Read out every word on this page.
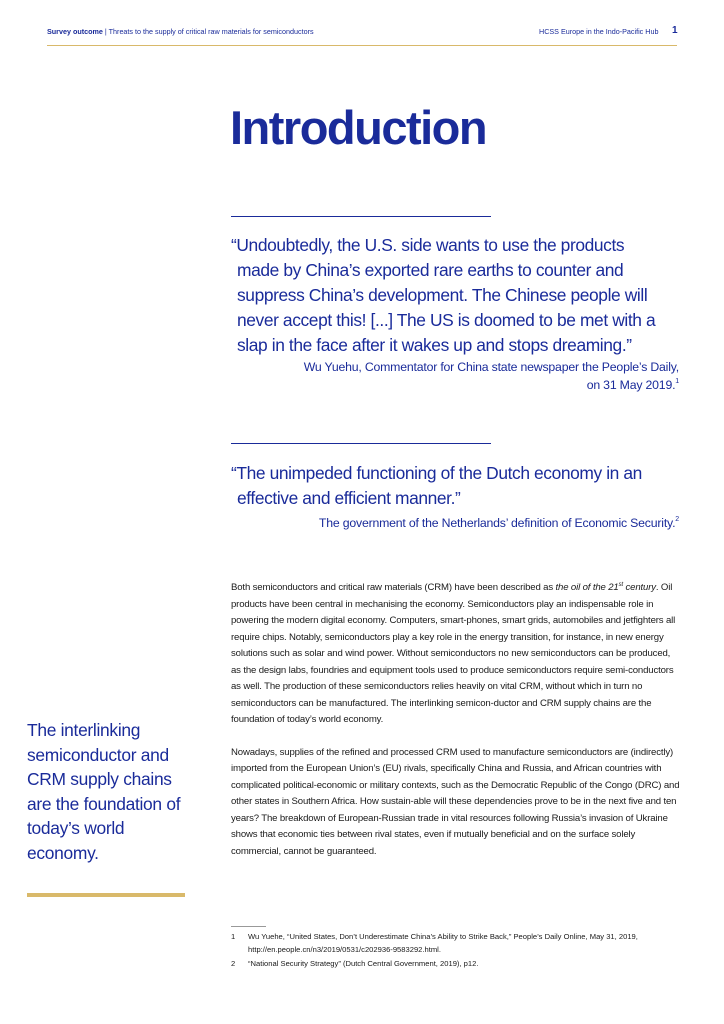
Survey outcome | Threats to the supply of critical raw materials for semiconductors	HCSS Europe in the Indo-Pacific Hub 1
Introduction
“Undoubtedly, the U.S. side wants to use the products
made by China’s exported rare earths to counter and
suppress China’s development. The Chinese people will
never accept this! [...] The US is doomed to be met with a
slap in the face after it wakes up and stops dreaming.”
Wu Yuehu, Commentator for China state newspaper the People’s Daily,
on 31 May 2019.$^1$
“The unimpeded functioning of the Dutch economy in an
effective and efficient manner.”
The government of the Netherlands’ definition of Economic Security.$^2$

Both semiconductors and critical raw materials (CRM) have been described as the oil of the 21st century. Oil products have been central in mechanising the economy. Semiconductors play an indispensable role in powering the modern digital economy. Computers, smart-phones, smart grids, automobiles and jetfighters all require chips. Notably, semiconductors play a key role in the energy transition, for instance, in new energy solutions such as solar and wind power. Without semiconductors no new semiconductors can be produced, as the design labs, foundries and equipment tools used to produce semiconductors require semi-conductors as well. The production of these semiconductors relies heavily on vital CRM, without which in turn no semiconductors can be manufactured. The interlinking semicon-ductor and CRM supply chains are the foundation of today’s world economy.

Nowadays, supplies of the refined and processed CRM used to manufacture semiconductors are (indirectly) imported from the European Union’s (EU) rivals, specifically China and Russia, and African countries with complicated political-economic or military contexts, such as the Democratic Republic of the Congo (DRC) and other states in Southern Africa. How sustain-able will these dependencies prove to be in the next five and ten years? The breakdown of European-Russian trade in vital resources following Russia’s invasion of Ukraine shows that economic ties between rival states, even if mutually beneficial and on the surface solely commercial, cannot be guaranteed.

The interlinking semiconductor and CRM supply chains are the foundation of today’s world economy.
1	Wu Yuehe, “United States, Don’t Underestimate China’s Ability to Strike Back,” People’s Daily Online, May 31, 2019, http://en.people.cn/n3/2019/0531/c202936-9583292.html.
2	“National Security Strategy” (Dutch Central Government, 2019), p12.
